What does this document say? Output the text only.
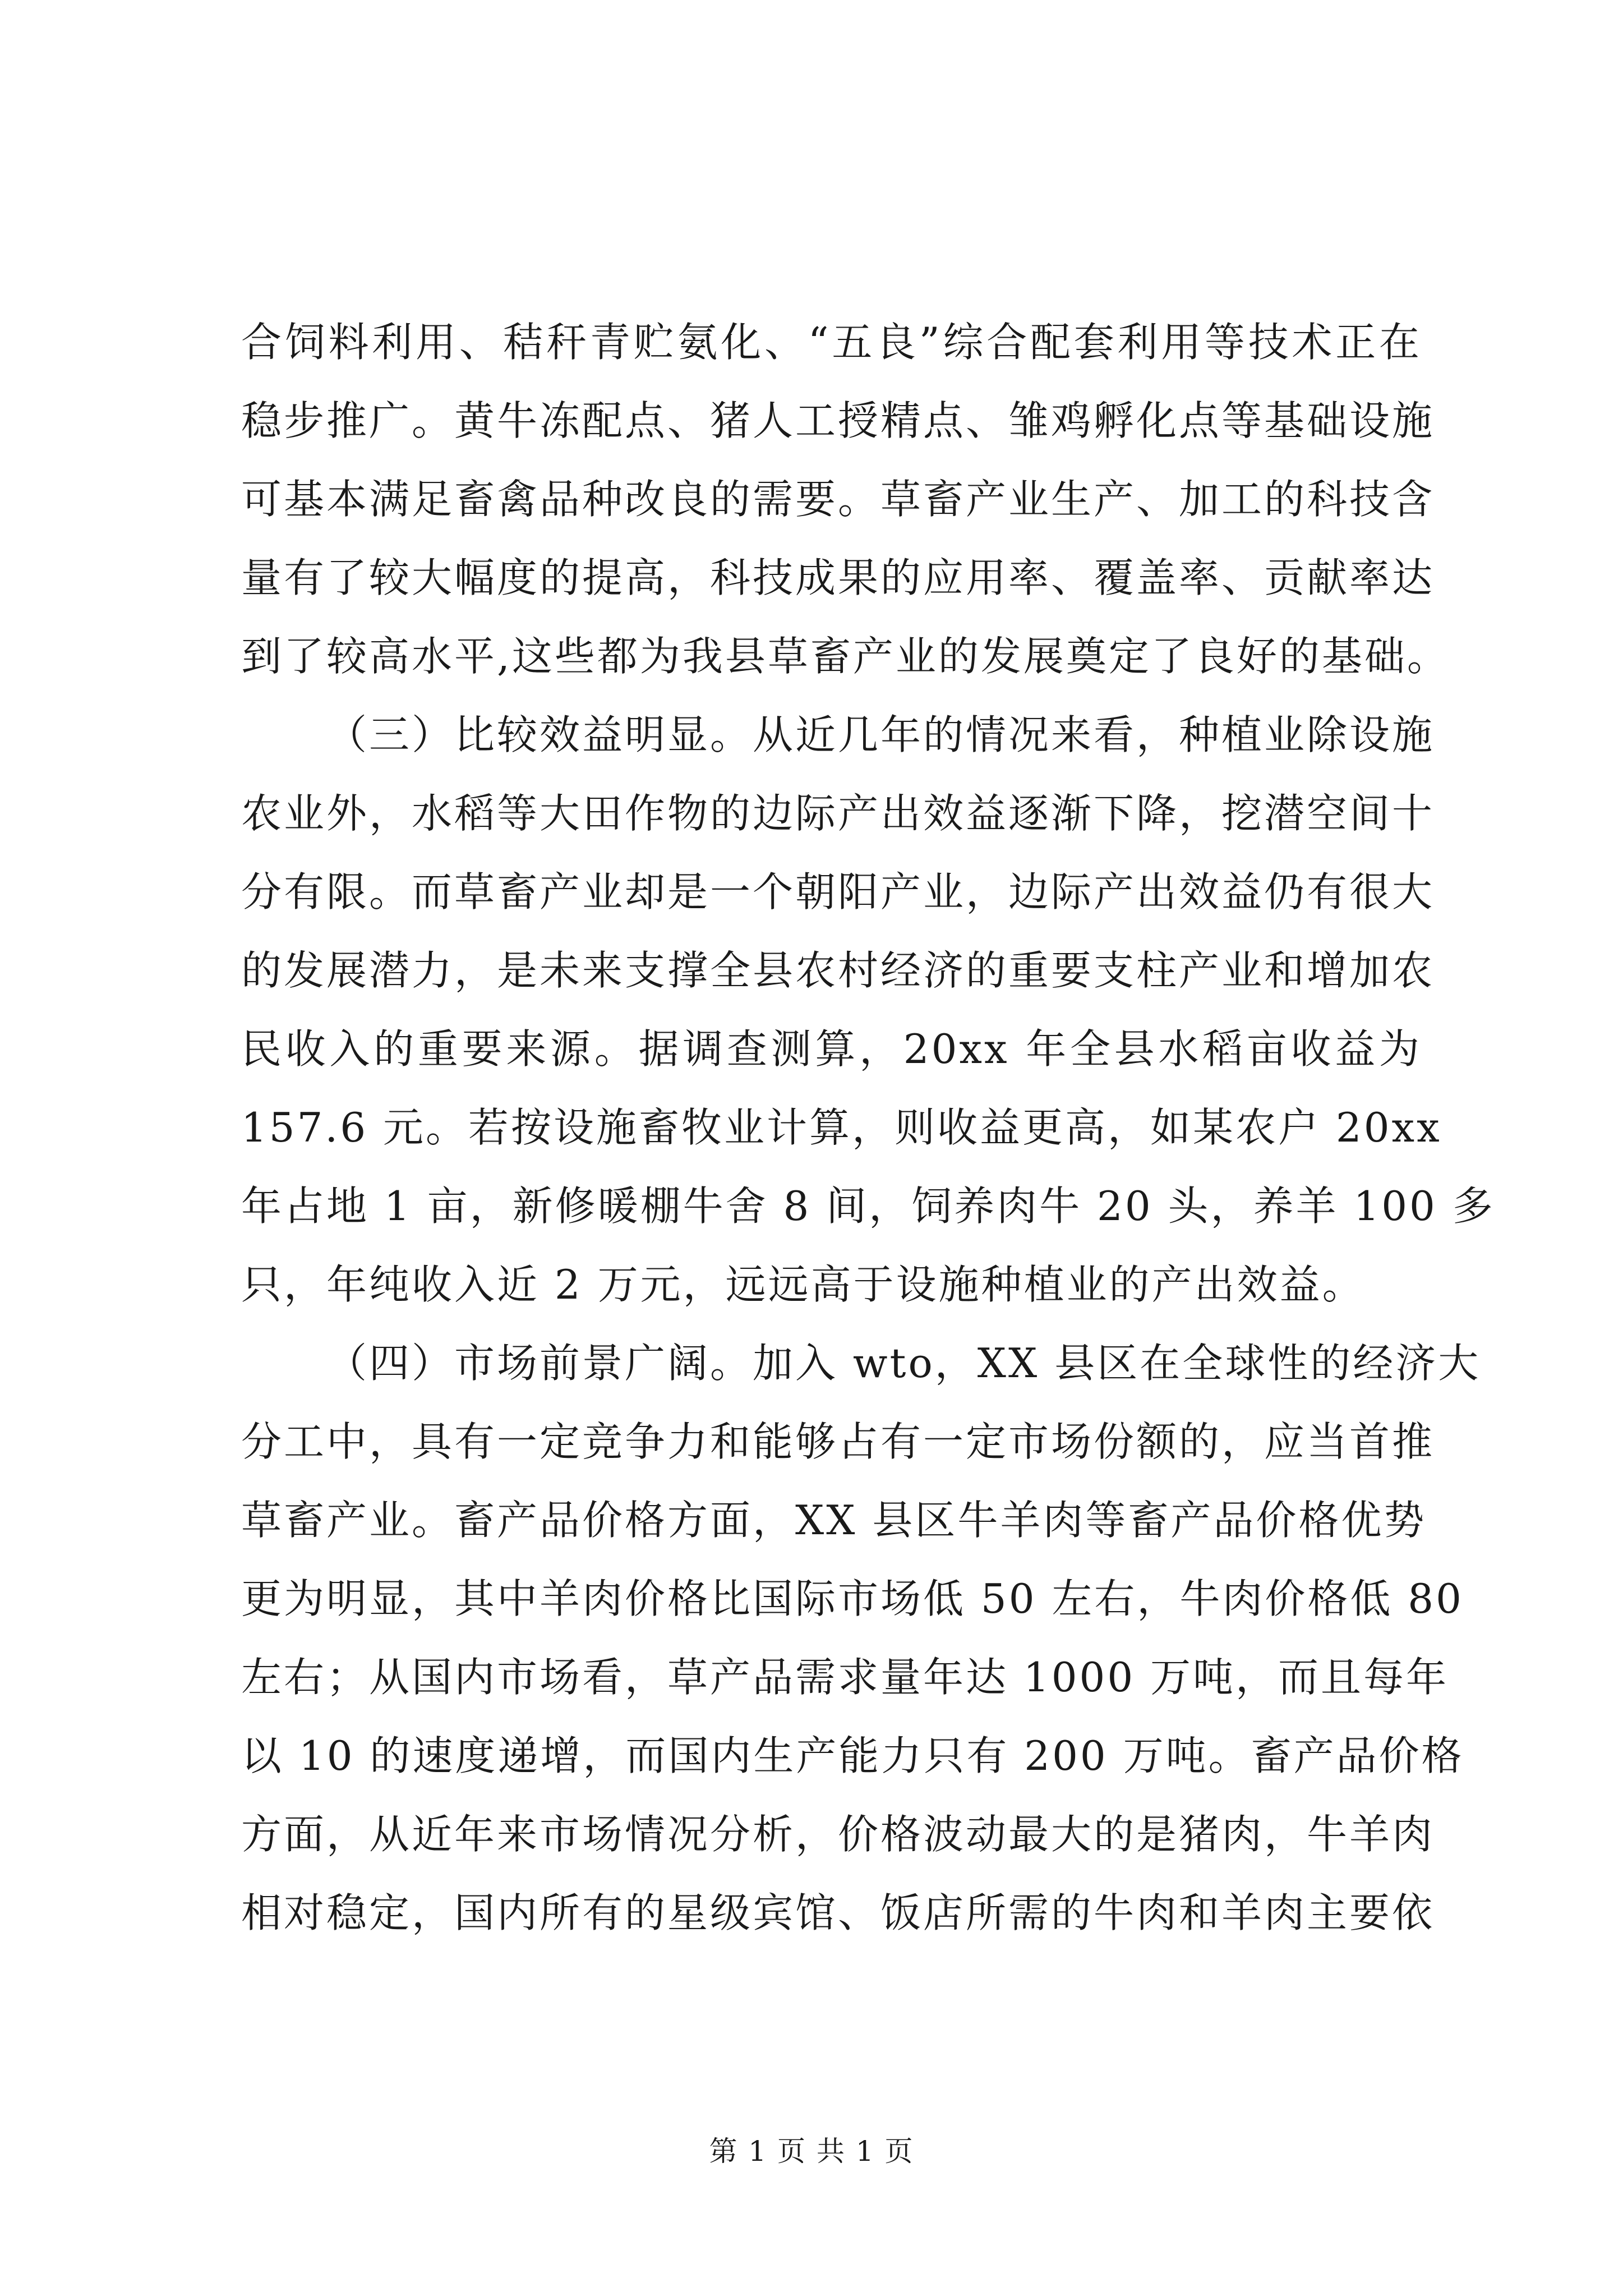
合饲料利用、秸秆青贮氨化、“五良”综合配套利用等技术正在
稳步推广。黄牛冻配点、猪人工授精点、雏鸡孵化点等基础设施
可基本满足畜禽品种改良的需要。草畜产业生产、加工的科技含
量有了较大幅度的提高，科技成果的应用率、覆盖率、贡献率达
到了较高水平,这些都为我县草畜产业的发展奠定了良好的基础。
（三）比较效益明显。从近几年的情况来看，种植业除设施
农业外，水稻等大田作物的边际产出效益逐渐下降，挖潜空间十
分有限。而草畜产业却是一个朝阳产业，边际产出效益仍有很大
的发展潜力，是未来支撑全县农村经济的重要支柱产业和增加农
民收入的重要来源。据调查测算，20xx 年全县水稻亩收益为
157.6 元。若按设施畜牧业计算，则收益更高，如某农户 20xx
年占地 1 亩，新修暖棚牛舍 8 间，饲养肉牛 20 头，养羊 100 多
只，年纯收入近 2 万元，远远高于设施种植业的产出效益。
（四）市场前景广阔。加入 wto，XX 县区在全球性的经济大
分工中，具有一定竞争力和能够占有一定市场份额的，应当首推
草畜产业。畜产品价格方面，XX 县区牛羊肉等畜产品价格优势
更为明显，其中羊肉价格比国际市场低 50 左右，牛肉价格低 80
左右；从国内市场看，草产品需求量年达 1000 万吨，而且每年
以 10 的速度递增，而国内生产能力只有 200 万吨。畜产品价格
方面，从近年来市场情况分析，价格波动最大的是猪肉，牛羊肉
相对稳定，国内所有的星级宾馆、饭店所需的牛肉和羊肉主要依
第 1 页 共 1 页
